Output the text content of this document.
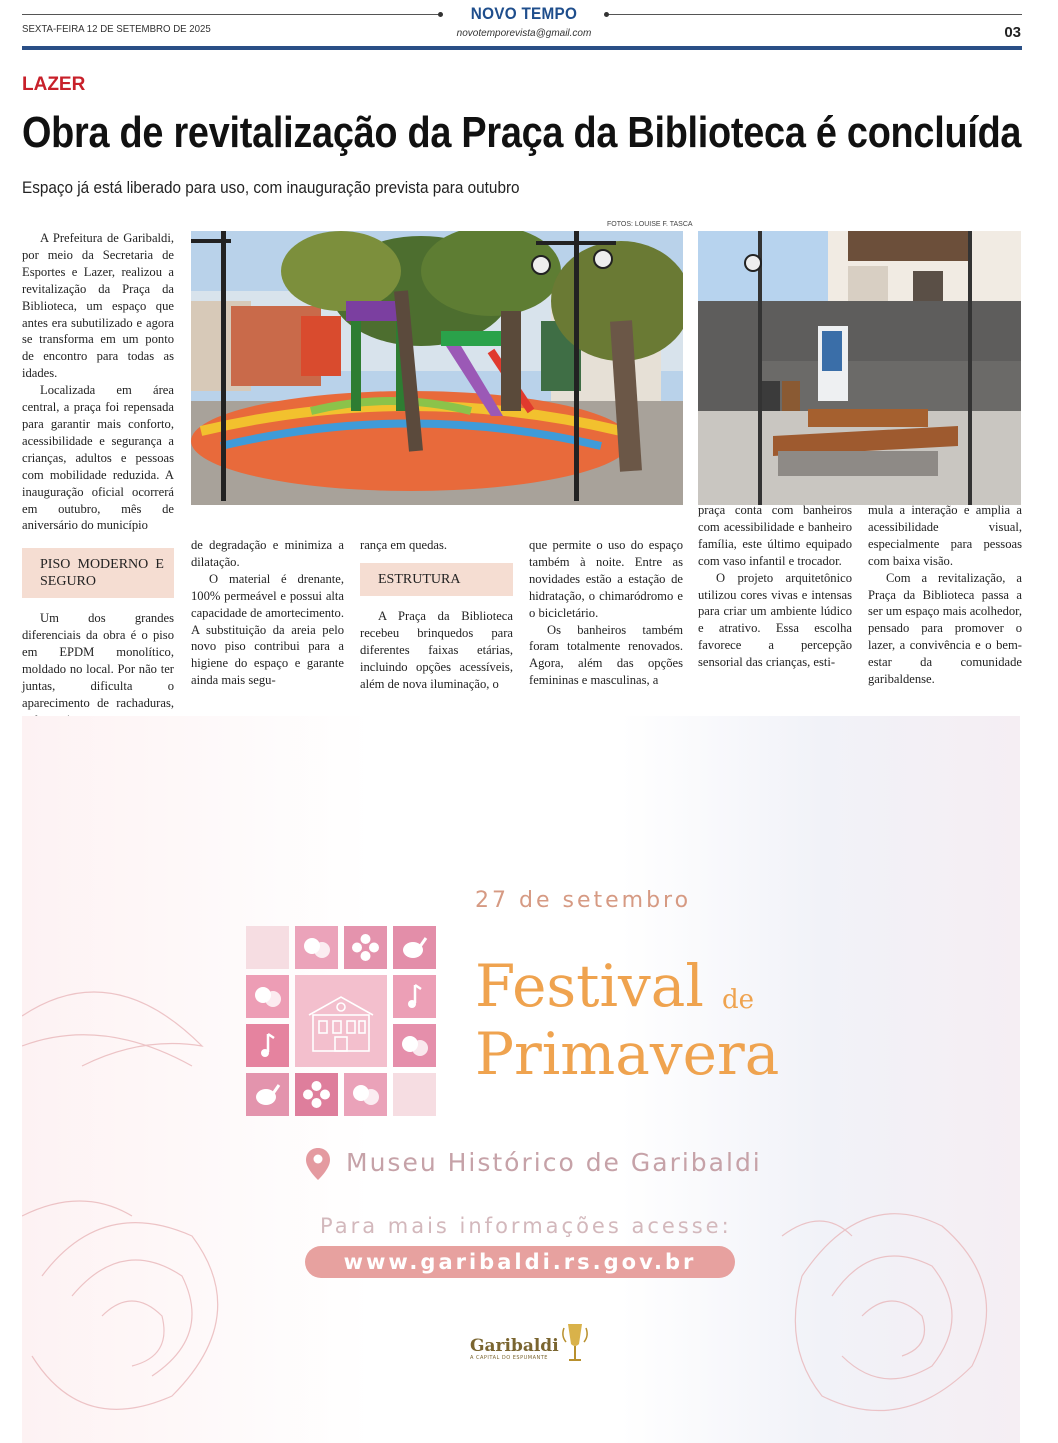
NOVO TEMPO
novotemporevista@gmail.com
SEXTA-FEIRA 12 DE SETEMBRO DE 2025	03
LAZER
Obra de revitalização da Praça da Biblioteca é concluída
Espaço já está liberado para uso, com inauguração prevista para outubro
FOTOS: LOUISE F. TASCA

A Prefeitura de Garibaldi, por meio da Secretaria de Esportes e Lazer, realizou a revitalização da Praça da Biblioteca, um espaço que antes era subutilizado e agora se transforma em um ponto de encontro para todas as idades.

Localizada em área central, a praça foi repensada para garantir mais conforto, acessibilidade e segurança a crianças, adultos e pessoas com mobilidade reduzida. A inauguração oficial ocorrerá em outubro, mês de aniversário do município

PISO MODERNO E SEGURO

Um dos grandes diferenciais da obra é o piso em EPDM monolítico, moldado no local. Por não ter juntas, dificulta o aparecimento de rachaduras,

de degradação e minimiza a dilatação.

O material é drenante, 100% permeável e possui alta capacidade de amortecimento. A substituição da areia pelo novo piso contribui para a higiene do espaço e garante ainda mais segu-

rança em quedas.

ESTRUTURA

A Praça da Biblioteca recebeu brinquedos para diferentes faixas etárias, incluindo opções acessíveis, além de nova iluminação, o

que permite o uso do espaço também à noite. Entre as novidades estão a estação de hidratação, o chimaródromo e o bicicletário.

Os banheiros também foram totalmente renovados. Agora, além das opções femininas e masculinas, a

praça conta com banheiros com acessibilidade e banheiro família, este último equipado com vaso infantil e trocador.

O projeto arquitetônico utilizou cores vivas e intensas para criar um ambiente lúdico e atrativo. Essa escolha favorece a percepção sensorial das crianças, esti-

mula a interação e amplia a acessibilidade visual, especialmente para pessoas com baixa visão.

Com a revitalização, a Praça da Biblioteca passa a ser um espaço mais acolhedor, pensado para promover o lazer, a convivência e o bem-estar da comunidade garibaldense.

27 de setembro
Festival de
Primavera
Museu Histórico de Garibaldi
Para mais informações acesse:
www.garibaldi.rs.gov.br
Garibaldi
A CAPITAL DO ESPUMANTE
